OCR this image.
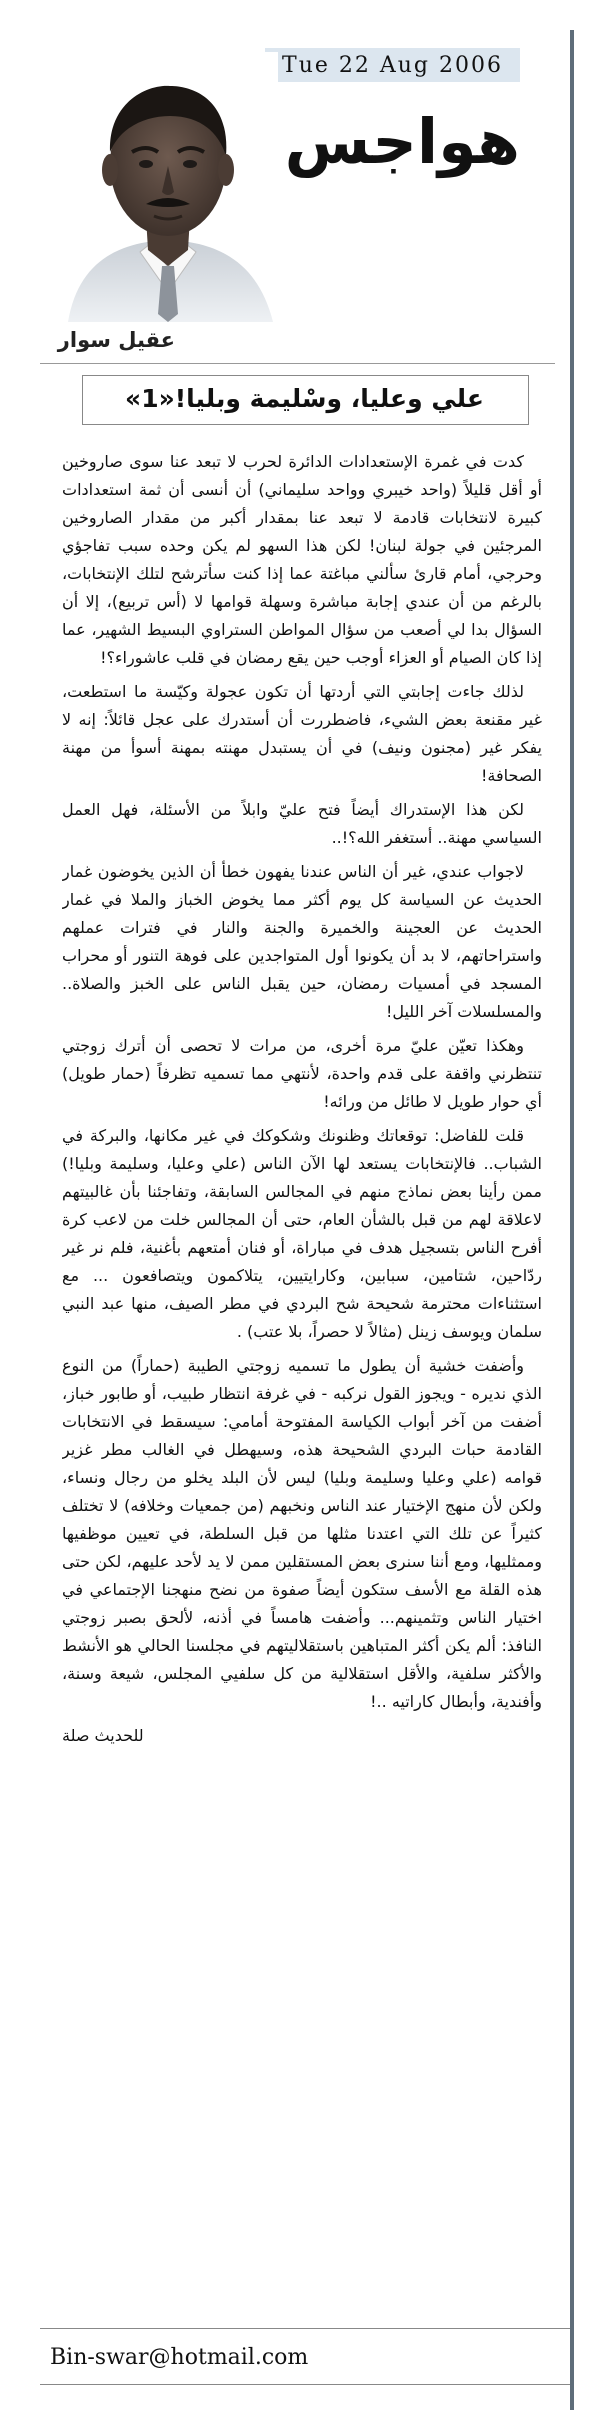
Tue 22 Aug 2006
هواجس
عقيل سوار
علي وعليا، وسْليمة وبليا!«1»

كدت في غمرة الإستعدادات الدائرة لحرب لا تبعد عنا سوى صاروخين أو أقل قليلاً (واحد خيبري وواحد سليماني) أن أنسى أن ثمة استعدادات كبيرة لانتخابات قادمة لا تبعد عنا بمقدار أكبر من مقدار الصاروخين المرجئين في جولة لبنان! لكن هذا السهو لم يكن وحده سبب تفاجؤي وحرجي، أمام قارئ سألني مباغتة عما إذا كنت سأترشح لتلك الإنتخابات، بالرغم من أن عندي إجابة مباشرة وسهلة قوامها لا (أس تربيع)، إلا أن السؤال بدا لي أصعب من سؤال المواطن الستراوي البسيط الشهير، عما إذا كان الصيام أو العزاء أوجب حين يقع رمضان في قلب عاشوراء؟!

لذلك جاءت إجابتي التي أردتها أن تكون عجولة وكيّسة ما استطعت، غير مقنعة بعض الشيء، فاضطررت أن أستدرك على عجل قائلاً: إنه لا يفكر غير (مجنون ونيف) في أن يستبدل مهنته بمهنة أسوأ من مهنة الصحافة!

لكن هذا الإستدراك أيضاً فتح عليّ وابلاً من الأسئلة، فهل العمل السياسي مهنة.. أستغفر الله؟!..

لاجواب عندي، غير أن الناس عندنا يفهون خطأ أن الذين يخوضون غمار الحديث عن السياسة كل يوم أكثر مما يخوض الخباز والملا في غمار الحديث عن العجينة والخميرة والجنة والنار في فترات عملهم واستراحاتهم، لا بد أن يكونوا أول المتواجدين على فوهة التنور أو محراب المسجد في أمسيات رمضان، حين يقبل الناس على الخبز والصلاة.. والمسلسلات آخر الليل!

وهكذا تعيّن عليّ مرة أخرى، من مرات لا تحصى أن أترك زوجتي تنتظرني واقفة على قدم واحدة، لأنتهي مما تسميه تظرفاً (حمار طويل) أي حوار طويل لا طائل من ورائه!

قلت للفاضل: توقعاتك وظنونك وشكوكك في غير مكانها، والبركة في الشباب.. فالإنتخابات يستعد لها الآن الناس (علي وعليا، وسليمة وبليا!) ممن رأينا بعض نماذج منهم في المجالس السابقة، وتفاجئنا بأن غالبيتهم لاعلاقة لهم من قبل بالشأن العام، حتى أن المجالس خلت من لاعب كرة أفرح الناس بتسجيل هدف في مباراة، أو فنان أمتعهم بأغنية، فلم نر غير ردّاحين، شتامين، سبابين، وكارايتيين، يتلاكمون ويتصافعون ... مع استثناءات محترمة شحيحة شح البردي في مطر الصيف، منها عبد النبي سلمان ويوسف زينل (مثالاً لا حصراً، بلا عتب) .

وأضفت خشية أن يطول ما تسميه زوجتي الطيبة (حماراً) من النوع الذي نديره - ويجوز القول نركبه - في غرفة انتظار طبيب، أو طابور خباز، أضفت من آخر أبواب الكياسة المفتوحة أمامي: سيسقط في الانتخابات القادمة حبات البردي الشحيحة هذه، وسيهطل في الغالب مطر غزير قوامه (علي وعليا وسليمة وبليا) ليس لأن البلد يخلو من رجال ونساء، ولكن لأن منهج الإختيار عند الناس ونخبهم (من جمعيات وخلافه) لا تختلف كثيراً عن تلك التي اعتدنا مثلها من قبل السلطة، في تعيين موظفيها وممثليها، ومع أننا سنرى بعض المستقلين ممن لا يد لأحد عليهم، لكن حتى هذه القلة مع الأسف ستكون أيضاً صفوة من نضح منهجنا الإجتماعي في اختيار الناس وتثمينهم... وأضفت هامساً في أذنه، لألحق بصبر زوجتي النافذ: ألم يكن أكثر المتباهين باستقلاليتهم في مجلسنا الحالي هو الأنشط والأكثر سلفية، والأقل استقلالية من كل سلفيي المجلس، شيعة وسنة، وأفندية، وأبطال كاراتيه ..!

للحديث صلة
Bin-swar@hotmail.com
